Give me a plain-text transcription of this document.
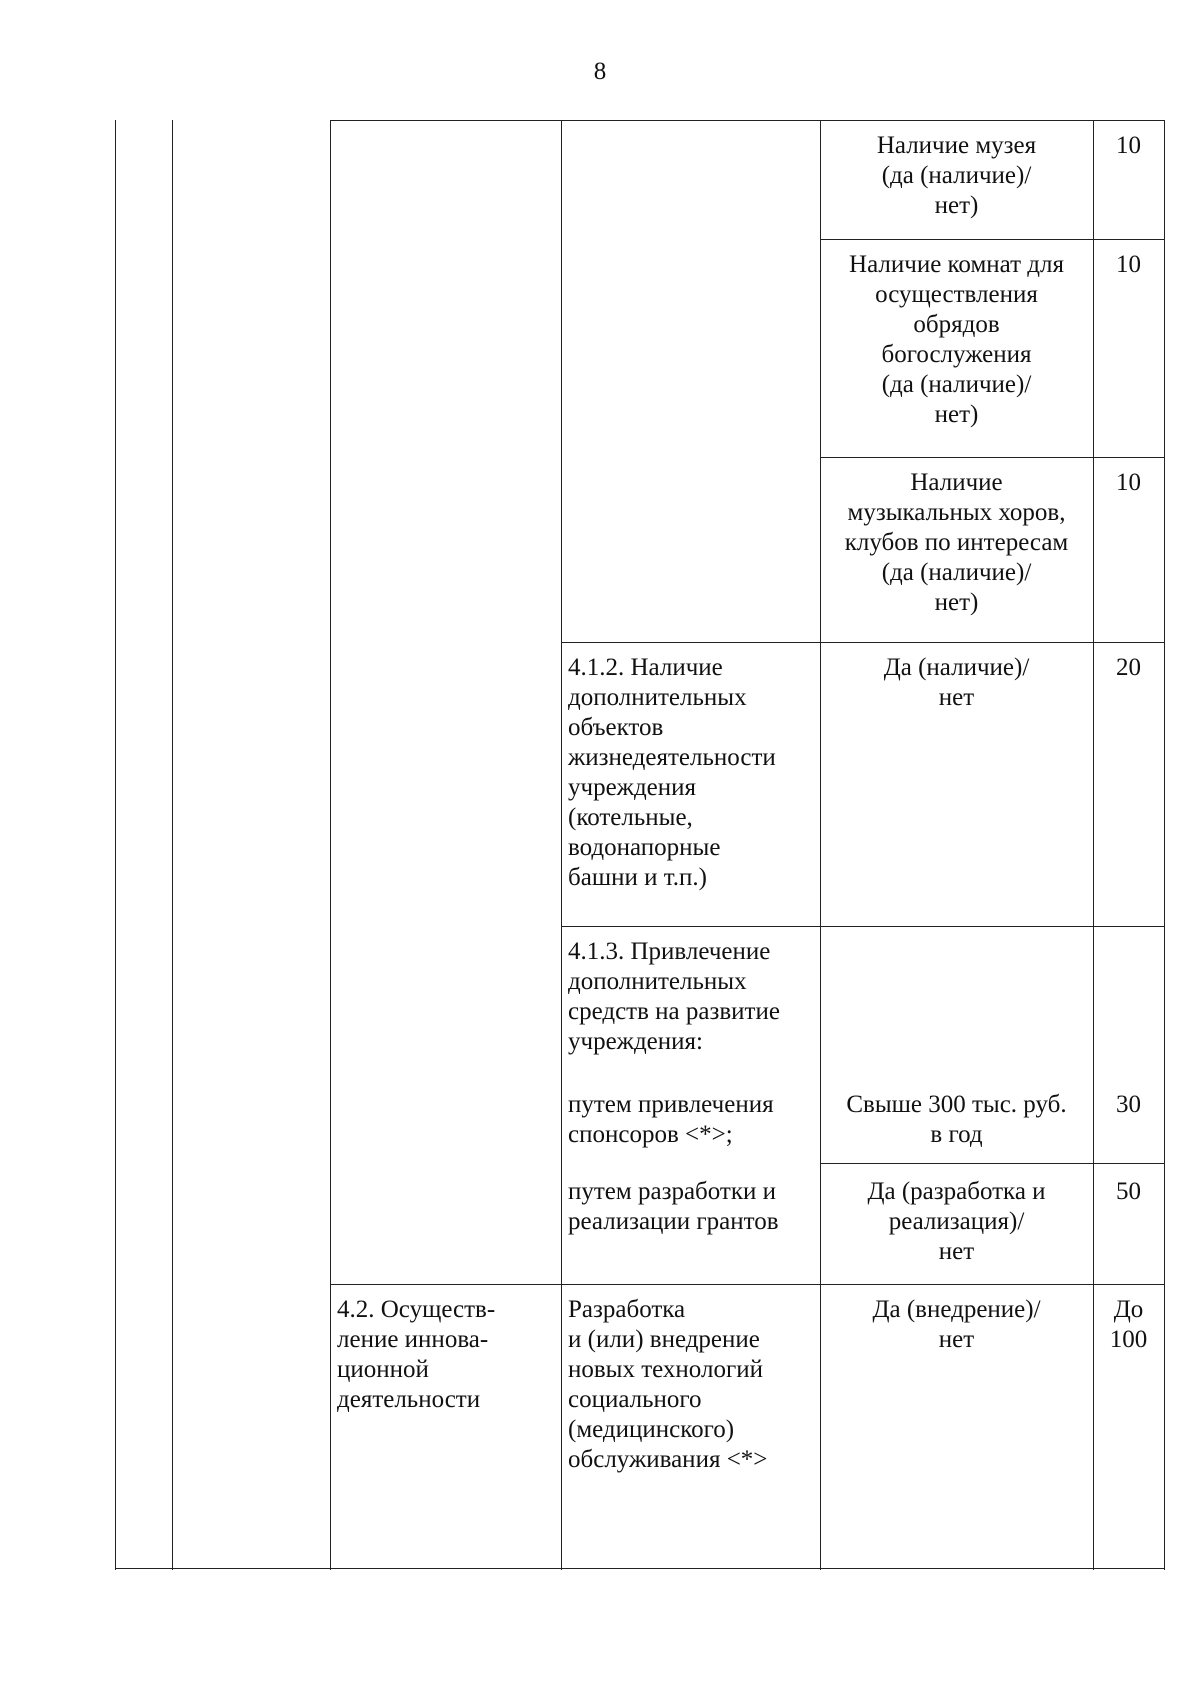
8
Наличие музея
(да (наличие)/
нет)
10
Наличие комнат для
осуществления
обрядов
богослужения
(да (наличие)/
нет)
10
Наличие
музыкальных хоров,
клубов по интересам
(да (наличие)/
нет)
10
4.1.2. Наличие
дополнительных
объектов
жизнедеятельности
учреждения
(котельные,
водонапорные
башни и т.п.)
Да (наличие)/
нет
20
4.1.3. Привлечение
дополнительных
средств на развитие
учреждения:
путем привлечения
спонсоров <*>;
Свыше 300 тыс. руб.
в год
30
путем разработки и
реализации грантов
Да (разработка и
реализация)/
нет
50
4.2. Осуществ-
ление иннова-
ционной
деятельности
Разработка
и (или) внедрение
новых технологий
социального
(медицинского)
обслуживания <*>
Да (внедрение)/
нет
До
100
